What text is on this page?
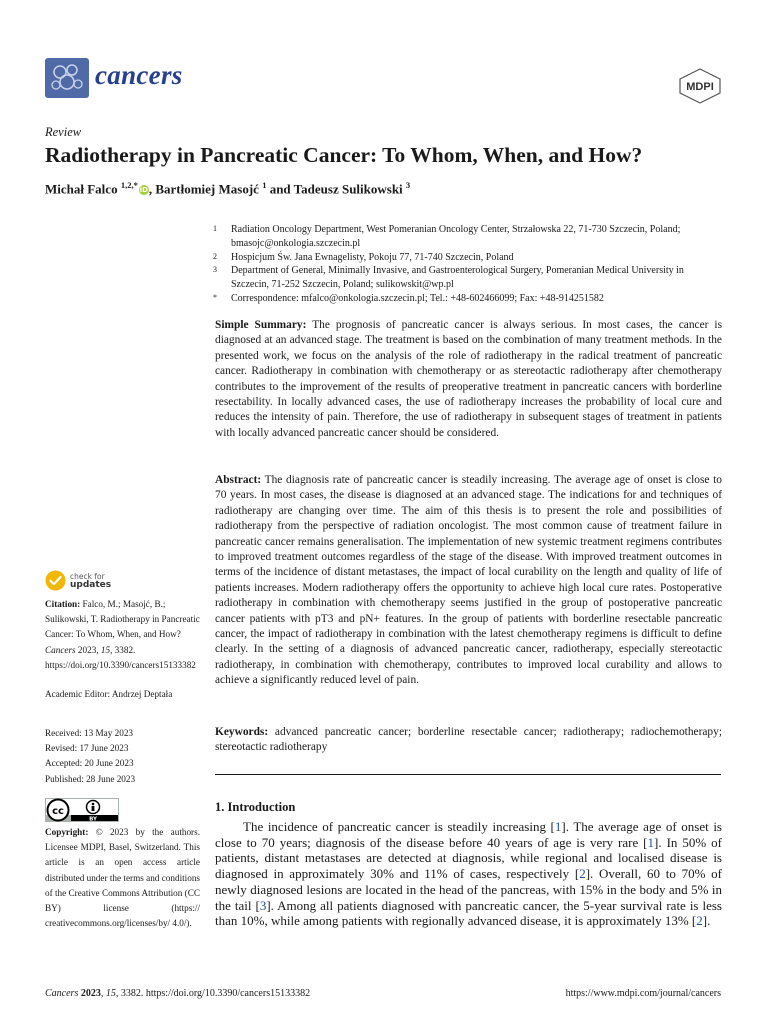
cancers	MDPI
Review
Radiotherapy in Pancreatic Cancer: To Whom, When, and How?
Michał Falco $^{1,2,*}$iD, Bartłomiej Masojć $^1$ and Tadeusz Sulikowski $^3$
1	Radiation Oncology Department, West Pomeranian Oncology Center, Strzałowska 22, 71-730 Szczecin, Poland; bmasojc@onkologia.szczecin.pl
2	Hospicjum Św. Jana Ewnagelisty, Pokoju 77, 71-740 Szczecin, Poland
3	Department of General, Minimally Invasive, and Gastroenterological Surgery, Pomeranian Medical University in Szczecin, 71-252 Szczecin, Poland; sulikowskit@wp.pl
*	Correspondence: mfalco@onkologia.szczecin.pl; Tel.: +48-602466099; Fax: +48-914251582
Simple Summary: The prognosis of pancreatic cancer is always serious. In most cases, the cancer is diagnosed at an advanced stage. The treatment is based on the combination of many treatment methods. In the presented work, we focus on the analysis of the role of radiotherapy in the radical treatment of pancreatic cancer. Radiotherapy in combination with chemotherapy or as stereotactic radiotherapy after chemotherapy contributes to the improvement of the results of preoperative treatment in pancreatic cancers with borderline resectability. In locally advanced cases, the use of radiotherapy increases the probability of local cure and reduces the intensity of pain. Therefore, the use of radiotherapy in subsequent stages of treatment in patients with locally advanced pancreatic cancer should be considered.
Abstract: The diagnosis rate of pancreatic cancer is steadily increasing. The average age of onset is close to 70 years. In most cases, the disease is diagnosed at an advanced stage. The indications for and techniques of radiotherapy are changing over time. The aim of this thesis is to present the role and possibilities of radiotherapy from the perspective of radiation oncologist. The most common cause of treatment failure in pancreatic cancer remains generalisation. The implementation of new systemic treatment regimens contributes to improved treatment outcomes regardless of the stage of the disease. With improved treatment outcomes in terms of the incidence of distant metastases, the impact of local curability on the length and quality of life of patients increases. Modern radiotherapy offers the opportunity to achieve high local cure rates. Postoperative radiotherapy in combination with chemotherapy seems justified in the group of postoperative pancreatic cancer patients with pT3 and pN+ features. In the group of patients with borderline resectable pancreatic cancer, the impact of radiotherapy in combination with the latest chemotherapy regimens is difficult to define clearly. In the setting of a diagnosis of advanced pancreatic cancer, radiotherapy, especially stereotactic radiotherapy, in combination with chemotherapy, contributes to improved local curability and allows to achieve a significantly reduced level of pain.
Keywords: advanced pancreatic cancer; borderline resectable cancer; radiotherapy; radiochemotherapy; stereotactic radiotherapy
1. Introduction
The incidence of pancreatic cancer is steadily increasing [1]. The average age of onset is close to 70 years; diagnosis of the disease before 40 years of age is very rare [1]. In 50% of patients, distant metastases are detected at diagnosis, while regional and localised disease is diagnosed in approximately 30% and 11% of cases, respectively [2]. Overall, 60 to 70% of newly diagnosed lesions are located in the head of the pancreas, with 15% in the body and 5% in the tail [3]. Among all patients diagnosed with pancreatic cancer, the 5-year survival rate is less than 10%, while among patients with regionally advanced disease, it is approximately 13% [2].
check for
updates
Citation: Falco, M.; Masojć, B.; Sulikowski, T. Radiotherapy in Pancreatic Cancer: To Whom, When, and How? Cancers 2023, 15, 3382. https://doi.org/10.3390/cancers15133382
Academic Editor: Andrzej Deptała
Received: 13 May 2023
Revised: 17 June 2023
Accepted: 20 June 2023
Published: 28 June 2023
cc
BY
Copyright: © 2023 by the authors. Licensee MDPI, Basel, Switzerland. This article is an open access article distributed under the terms and conditions of the Creative Commons Attribution (CC BY) license (https:// creativecommons.org/licenses/by/ 4.0/).
Cancers 2023, 15, 3382. https://doi.org/10.3390/cancers15133382	https://www.mdpi.com/journal/cancers
